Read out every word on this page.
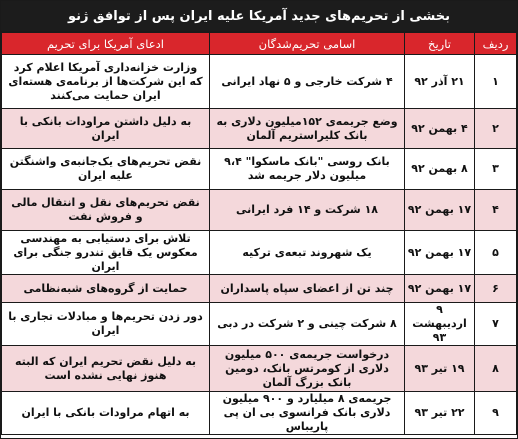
بخشی از تحریم‌های جدید آمریکا علیه ایران پس از توافق ژنو
ردیف	تاریخ	اسامی تحریم‌شدگان	ادعای آمریکا برای تحریم
۱	۲۱ آذر ۹۲	۴ شرکت خارجی و ۵ نهاد ایرانی	وزارت خزانه‌داری آمریکا اعلام کرد که این شرکت‌ها از برنامه‌ی هسته‌ای ایران حمایت می‌کنند
۲	۴ بهمن ۹۲	وضع جریمه‌ی ۱۵۲میلیون دلاری به بانک کلیراستریم آلمان	به دلیل داشتن مراودات بانکی با ایران
۳	۸ بهمن ۹۲	بانک روسی "بانک ماسکوا" ۹،۴ میلیون دلار جریمه شد	نقض تحریم‌های یک‌جانبه‌ی واشنگتن علیه ایران
۴	۱۷ بهمن ۹۲	۱۸ شرکت و ۱۴ فرد ایرانی	نقض تحریم‌های نقل و انتقال مالی و فروش نفت
۵	۱۷ بهمن ۹۲	یک شهروند تبعه‌ی ترکیه	تلاش برای دستیابی به مهندسی معکوس یک قایق تندرو جنگی برای ایران
۶	۱۷ بهمن ۹۲	چند تن از اعضای سپاه پاسداران	حمایت از گروه‌های شبه‌نظامی
۷	۹ اردیبهشت ۹۳	۸ شرکت چینی و ۲ شرکت در دبی	دور زدن تحریم‌ها و مبادلات تجاری با ایران
۸	۱۹ تیر ۹۳	درخواست جریمه‌ی ۵۰۰ میلیون دلاری از کومرتس بانک، دومین بانک بزرگ آلمان	به دلیل نقض تحریم ایران که البته هنوز نهایی نشده است
۹	۲۲ تیر ۹۳	جریمه‌ی ۸ میلیارد و ۹۰۰ میلیون دلاری بانک فرانسوی بی ان پی پاریباس	به اتهام مراودات بانکی با ایران
